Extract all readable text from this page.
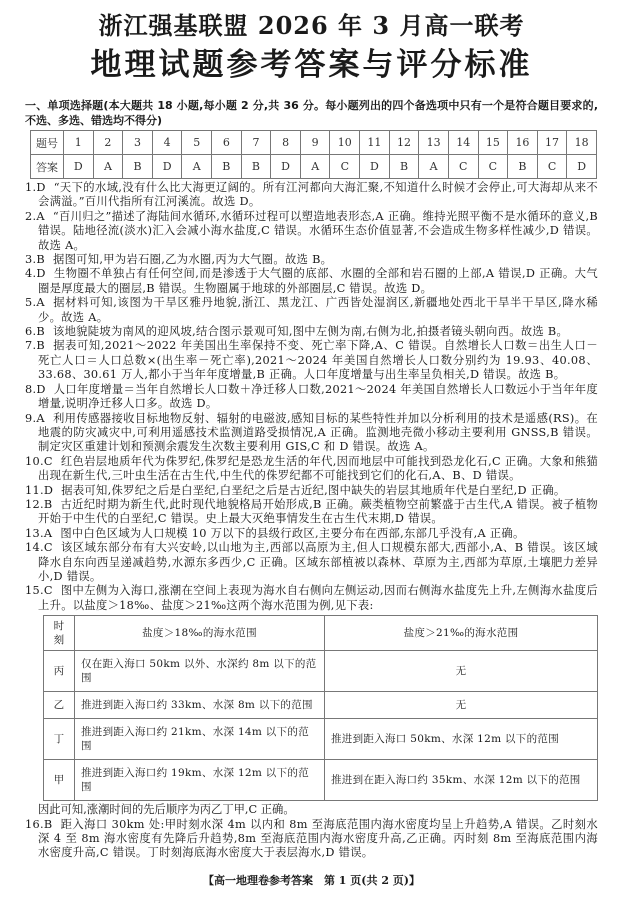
浙江强基联盟 2026 年 3 月高一联考
地理试题参考答案与评分标准
一、单项选择题(本大题共 18 小题,每小题 2 分,共 36 分。每小题列出的四个备选项中只有一个是符合题目要求的,不选、多选、错选均不得分)
题号	1	2	3	4	5	6	7	8	9	10	11	12	13	14	15	16	17	18
答案	D	A	B	D	A	B	B	D	A	C	D	B	A	C	C	B	C	D
1.D “天下的水域,没有什么比大海更辽阔的。所有江河都向大海汇聚,不知道什么时候才会停止,可大海却从来不会满溢。”百川代指所有江河溪流。故选 D。
2.A “百川归之”描述了海陆间水循环,水循环过程可以塑造地表形态,A 正确。维持光照平衡不是水循环的意义,B 错误。陆地径流(淡水)汇入会减小海水盐度,C 错误。水循环生态价值显著,不会造成生物多样性减少,D 错误。故选 A。
3.B 据图可知,甲为岩石圈,乙为水圈,丙为大气圈。故选 B。
4.D 生物圈不单独占有任何空间,而是渗透于大气圈的底部、水圈的全部和岩石圈的上部,A 错误,D 正确。大气圈是厚度最大的圈层,B 错误。生物圈属于地球的外部圈层,C 错误。故选 D。
5.A 据材料可知,该图为干旱区雅丹地貌,浙江、黑龙江、广西皆处湿润区,新疆地处西北干旱半干旱区,降水稀少。故选 A。
6.B 该地貌陡坡为南风的迎风坡,结合图示景观可知,图中左侧为南,右侧为北,拍摄者镜头朝向西。故选 B。
7.B 据表可知,2021～2022 年美国出生率保持不变、死亡率下降,A、C 错误。自然增长人口数＝出生人口－死亡人口＝人口总数×(出生率－死亡率),2021～2024 年美国自然增长人口数分别约为 19.93、40.08、33.68、30.61 万人,都小于当年年度增量,B 正确。人口年度增量与出生率呈负相关,D 错误。故选 B。
8.D 人口年度增量＝当年自然增长人口数＋净迁移人口数,2021～2024 年美国自然增长人口数远小于当年年度增量,说明净迁移人口多。故选 D。
9.A 利用传感器接收目标地物反射、辐射的电磁波,感知目标的某些特性并加以分析利用的技术是遥感(RS)。在地震的防灾减灾中,可利用遥感技术监测道路受损情况,A 正确。监测地壳微小移动主要利用 GNSS,B 错误。制定灾区重建计划和预测余震发生次数主要利用 GIS,C 和 D 错误。故选 A。
10.C 红色岩层地质年代为侏罗纪,侏罗纪是恐龙生活的年代,因而地层中可能找到恐龙化石,C 正确。大象和熊猫出现在新生代,三叶虫生活在古生代,中生代的侏罗纪都不可能找到它们的化石,A、B、D 错误。
11.D 据表可知,侏罗纪之后是白垩纪,白垩纪之后是古近纪,图中缺失的岩层其地质年代是白垩纪,D 正确。
12.B 古近纪时期为新生代,此时现代地貌格局开始形成,B 正确。蕨类植物空前繁盛于古生代,A 错误。被子植物开始于中生代的白垩纪,C 错误。史上最大灭绝事情发生在古生代末期,D 错误。
13.A 图中白色区域为人口规模 10 万以下的县级行政区,主要分布在西部,东部几乎没有,A 正确。
14.C 该区域东部分布有大兴安岭,以山地为主,西部以高原为主,但人口规模东部大,西部小,A、B 错误。该区域降水自东向西呈递减趋势,水源东多西少,C 正确。区域东部植被以森林、草原为主,西部为草原,土壤肥力差异小,D 错误。
15.C 图中左侧为入海口,涨潮在空间上表现为海水自右侧向左侧运动,因而右侧海水盐度先上升,左侧海水盐度后上升。以盐度＞18‰、盐度＞21‰这两个海水范围为例,见下表:
时刻	盐度＞18‰的海水范围	盐度＞21‰的海水范围
丙	仅在距入海口 50km 以外、水深约 8m 以下的范围	无
乙	推进到距入海口约 33km、水深 8m 以下的范围	无
丁	推进到距入海口约 21km、水深 14m 以下的范围	推进到距入海口 50km、水深 12m 以下的范围
甲	推进到距入海口约 19km、水深 12m 以下的范围	推进到在距入海口约 35km、水深 12m 以下的范围
因此可知,涨潮时间的先后顺序为丙乙丁甲,C 正确。
16.B 距入海口 30km 处:甲时刻水深 4m 以内和 8m 至海底范围内海水密度均呈上升趋势,A 错误。乙时刻水深 4 至 8m 海水密度有先降后升趋势,8m 至海底范围内海水密度升高,乙正确。丙时刻 8m 至海底范围内海水密度升高,C 错误。丁时刻海底海水密度大于表层海水,D 错误。
【高一地理卷参考答案　第 1 页(共 2 页)】
